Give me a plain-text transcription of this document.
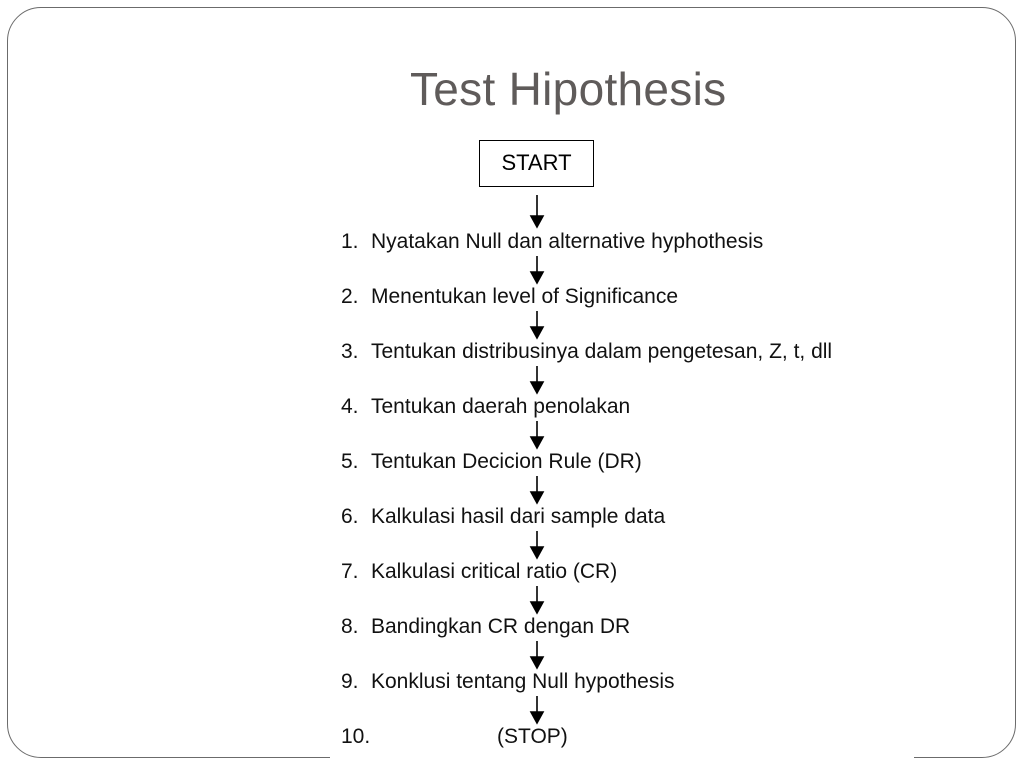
Test Hipothesis
START
1. Nyatakan Null dan alternative hyphothesis
2. Menentukan level of Significance
3. Tentukan distribusinya dalam pengetesan, Z, t, dll
4. Tentukan daerah penolakan
5. Tentukan Decicion Rule (DR)
6. Kalkulasi hasil dari sample data
7. Kalkulasi critical ratio (CR)
8. Bandingkan CR dengan DR
9. Konklusi tentang Null hypothesis
10.	(STOP)
